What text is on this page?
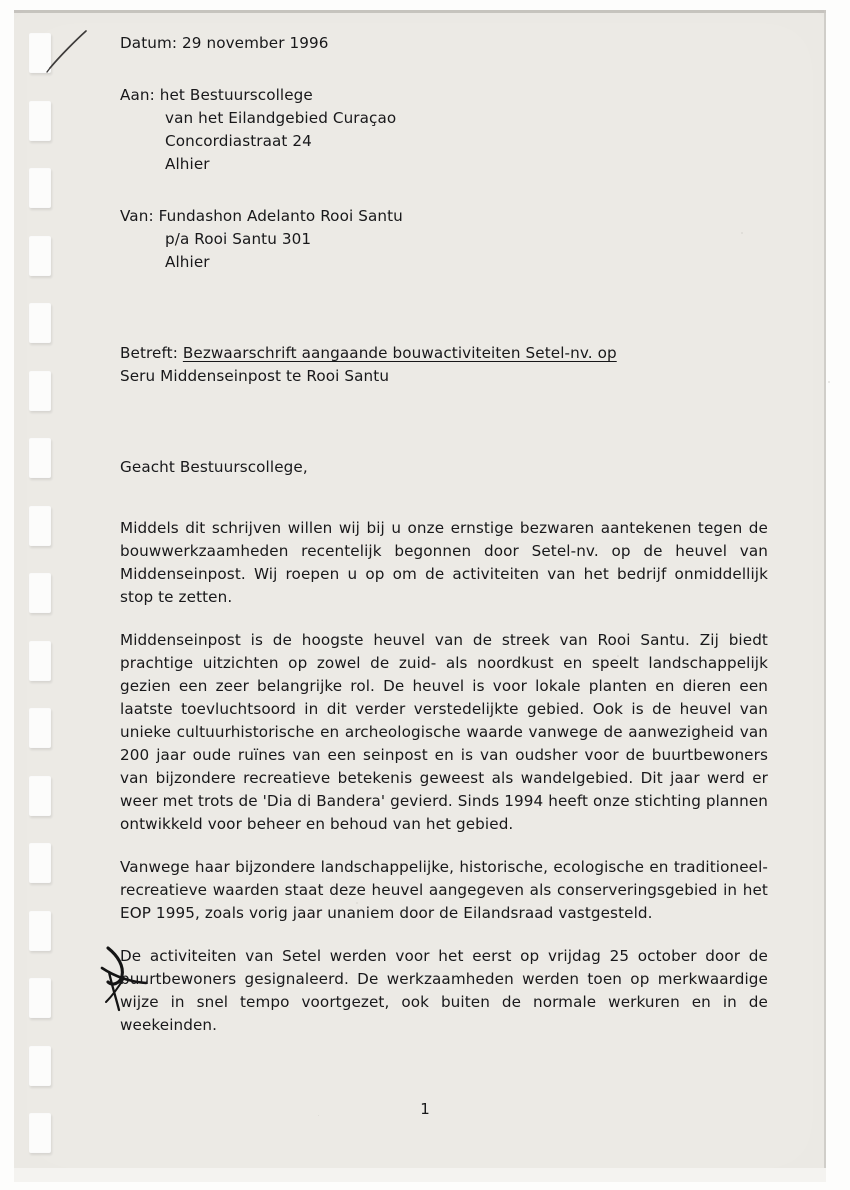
Datum: 29 november 1996
Aan: het Bestuurscollege
van het Eilandgebied Curaçao
Concordiastraat 24
Alhier
Van: Fundashon Adelanto Rooi Santu
p/a Rooi Santu 301
Alhier
Betreft: Bezwaarschrift aangaande bouwactiviteiten Setel-nv. op
Seru Middenseinpost te Rooi Santu
Geacht Bestuurscollege,

Middels dit schrijven willen wij bij u onze ernstige bezwaren aantekenen tegen de bouwwerkzaamheden recentelijk begonnen door Setel-nv. op de heuvel van Middenseinpost. Wij roepen u op om de activiteiten van het bedrijf onmiddellijk stop te zetten.

Middenseinpost is de hoogste heuvel van de streek van Rooi Santu. Zij biedt prachtige uitzichten op zowel de zuid- als noordkust en speelt landschappelijk gezien een zeer belangrijke rol. De heuvel is voor lokale planten en dieren een laatste toevluchtsoord in dit verder verstedelijkte gebied. Ook is de heuvel van unieke cultuurhistorische en archeologische waarde vanwege de aanwezigheid van 200 jaar oude ruïnes van een seinpost en is van oudsher voor de buurtbewoners van bijzondere recreatieve betekenis geweest als wandelgebied. Dit jaar werd er weer met trots de 'Dia di Bandera' gevierd. Sinds 1994 heeft onze stichting plannen ontwikkeld voor beheer en behoud van het gebied.

Vanwege haar bijzondere landschappelijke, historische, ecologische en traditioneel-recreatieve waarden staat deze heuvel aangegeven als conserveringsgebied in het EOP 1995, zoals vorig jaar unaniem door de Eilandsraad vastgesteld.

De activiteiten van Setel werden voor het eerst op vrijdag 25 october door de buurtbewoners gesignaleerd. De werkzaamheden werden toen op merkwaardige wijze in snel tempo voortgezet, ook buiten de normale werkuren en in de weekeinden.

1
